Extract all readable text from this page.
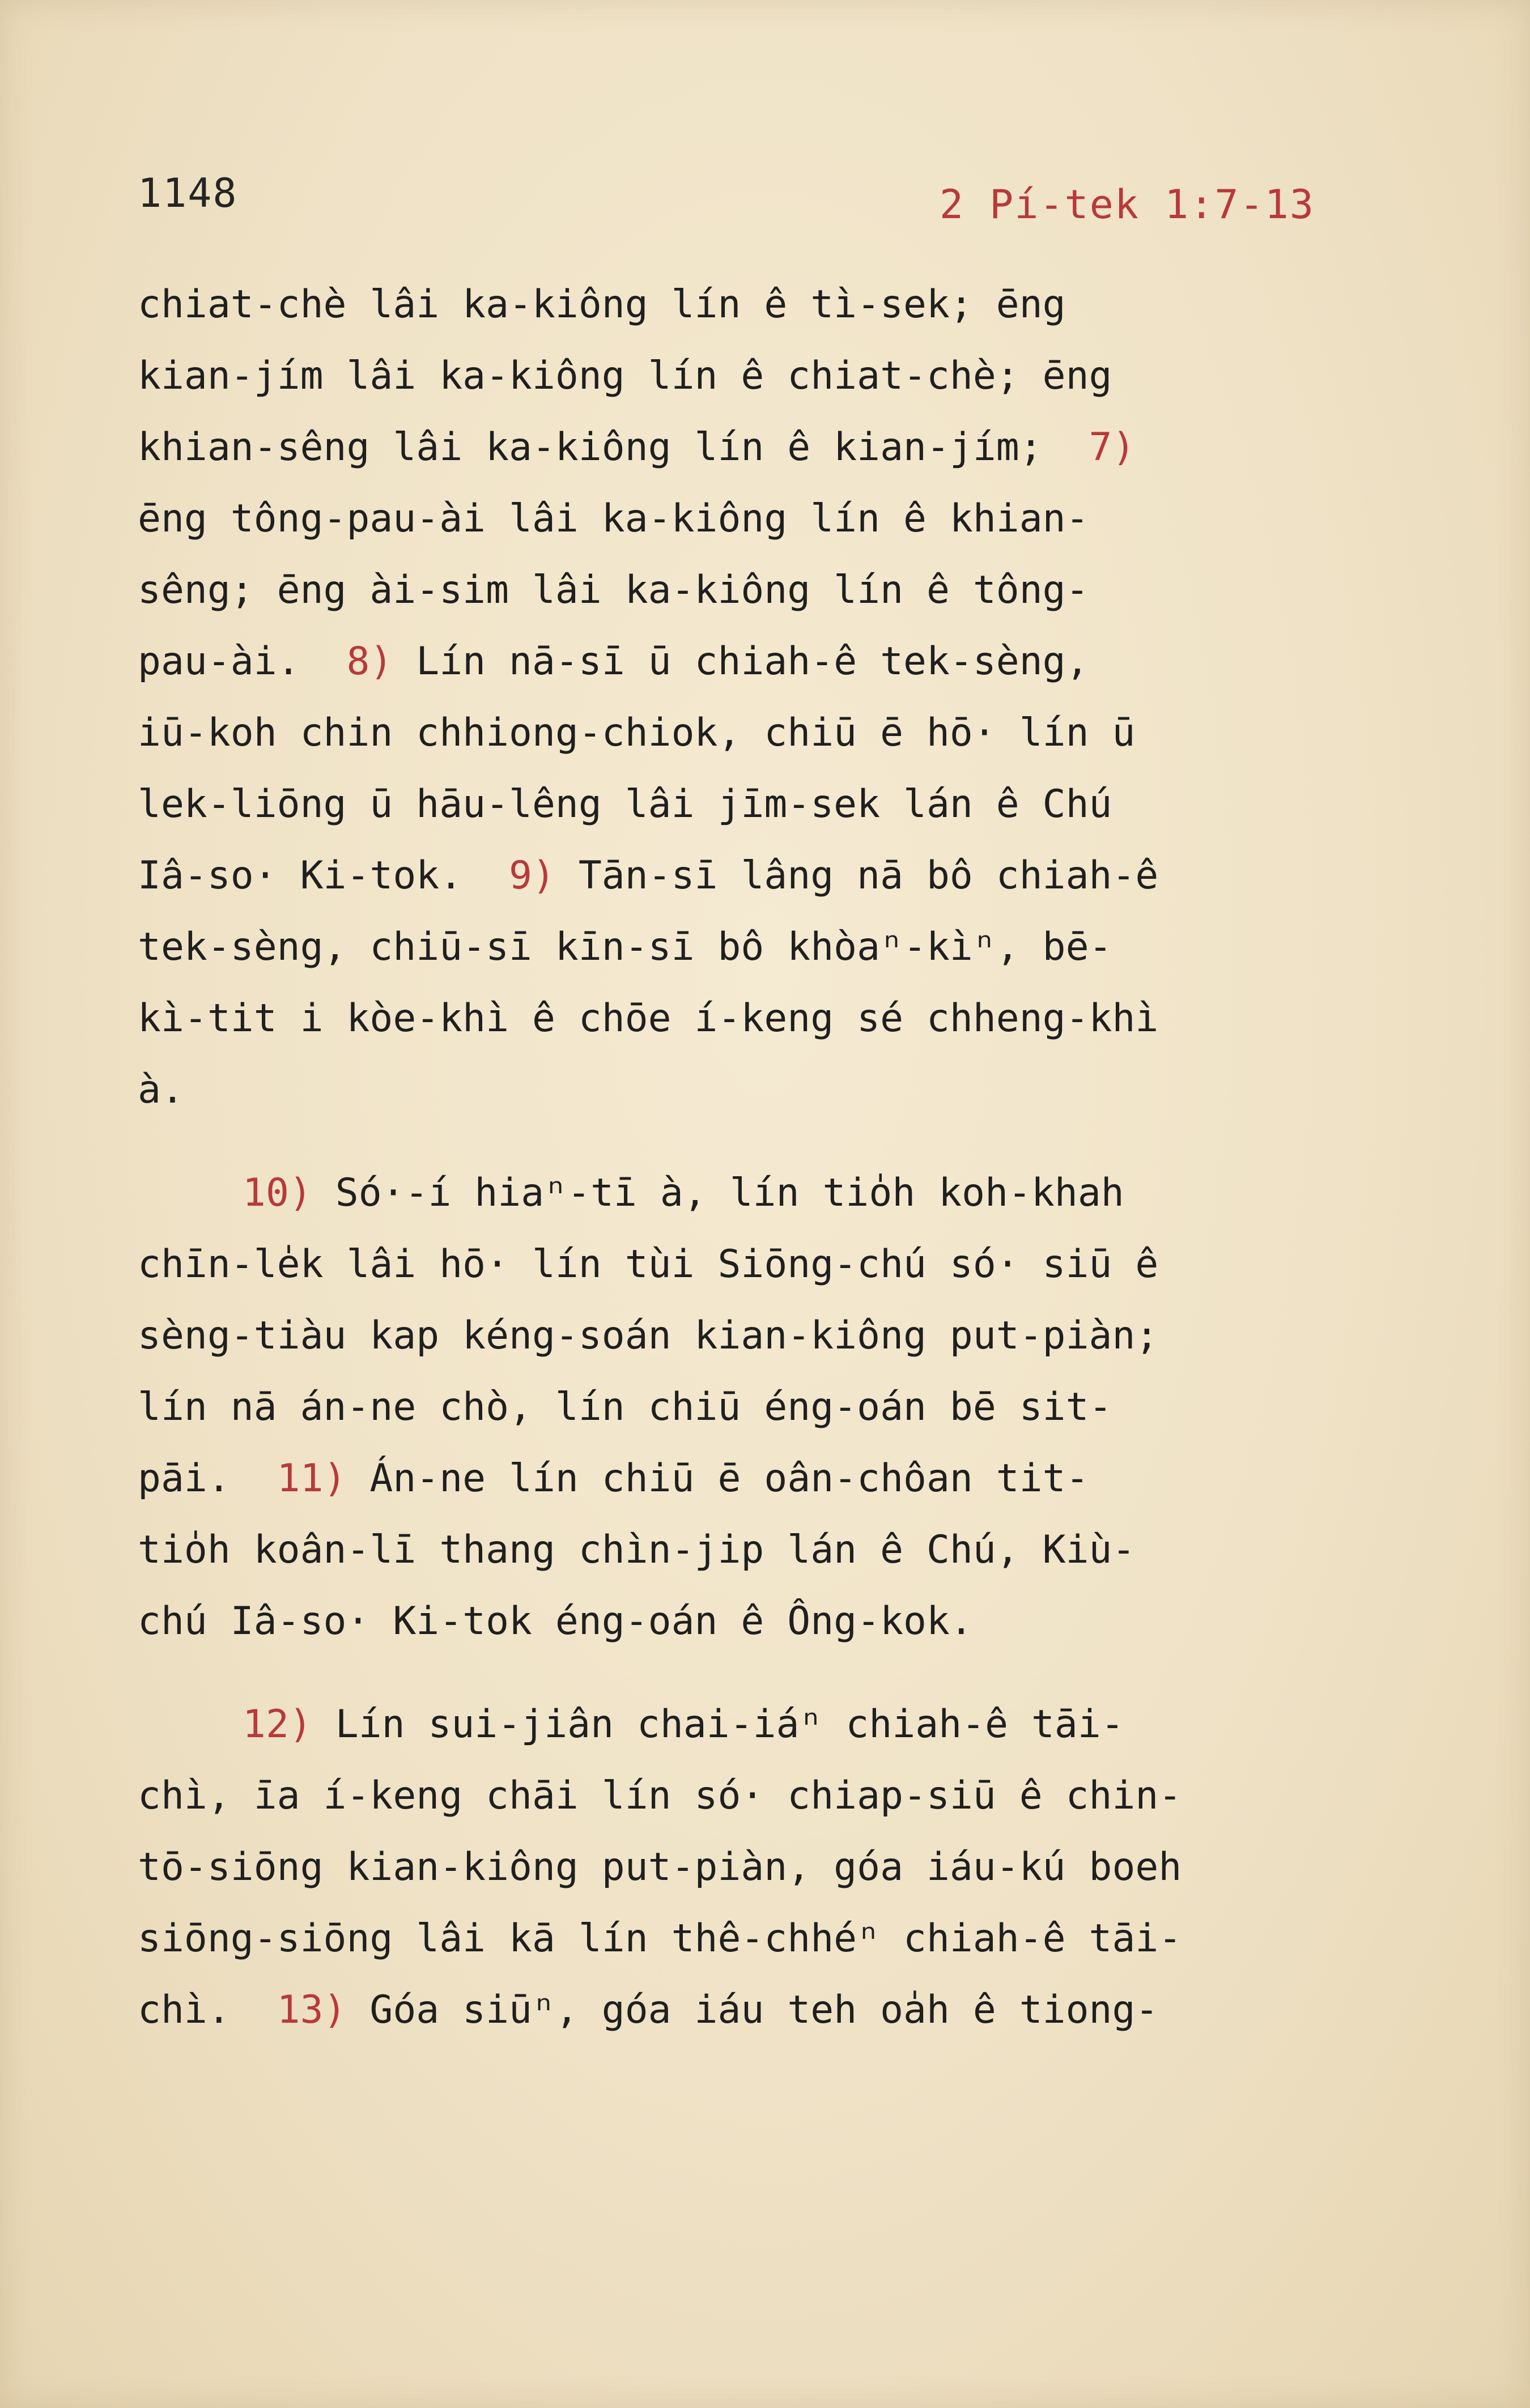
1148	2 Pí-tek 1:7-13
chiat-chè lâi ka-kiông lín ê tì-sek; ēng
kian-jím lâi ka-kiông lín ê chiat-chè; ēng
khian-sêng lâi ka-kiông lín ê kian-jím;  7)
ēng tông-pau-ài lâi ka-kiông lín ê khian-
sêng; ēng ài-sim lâi ka-kiông lín ê tông-
pau-ài.  8) Lín nā-sī ū chiah-ê tek-sèng,
iū-koh chin chhiong-chiok, chiū ē hō· lín ū
lek-liōng ū hāu-lêng lâi jīm-sek lán ê Chú
Iâ-so· Ki-tok.  9) Tān-sī lâng nā bô chiah-ê
tek-sèng, chiū-sī kīn-sī bô khòaⁿ-kìⁿ, bē-
kì-tit i kòe-khì ê chōe í-keng sé chheng-khì
à.
10) Só·-í hiaⁿ-tī à, lín tio̍h koh-khah
chīn-le̍k lâi hō· lín tùi Siōng-chú só· siū ê
sèng-tiàu kap kéng-soán kian-kiông put-piàn;
lín nā án-ne chò, lín chiū éng-oán bē sit-
pāi.  11) Án-ne lín chiū ē oân-chôan tit-
tio̍h koân-lī thang chìn-jip lán ê Chú, Kiù-
chú Iâ-so· Ki-tok éng-oán ê Ông-kok.
12) Lín sui-jiân chai-iáⁿ chiah-ê tāi-
chì, īa í-keng chāi lín só· chiap-siū ê chin-
tō-siōng kian-kiông put-piàn, góa iáu-kú boeh
siōng-siōng lâi kā lín thê-chhéⁿ chiah-ê tāi-
chì.  13) Góa siūⁿ, góa iáu teh oa̍h ê tiong-
